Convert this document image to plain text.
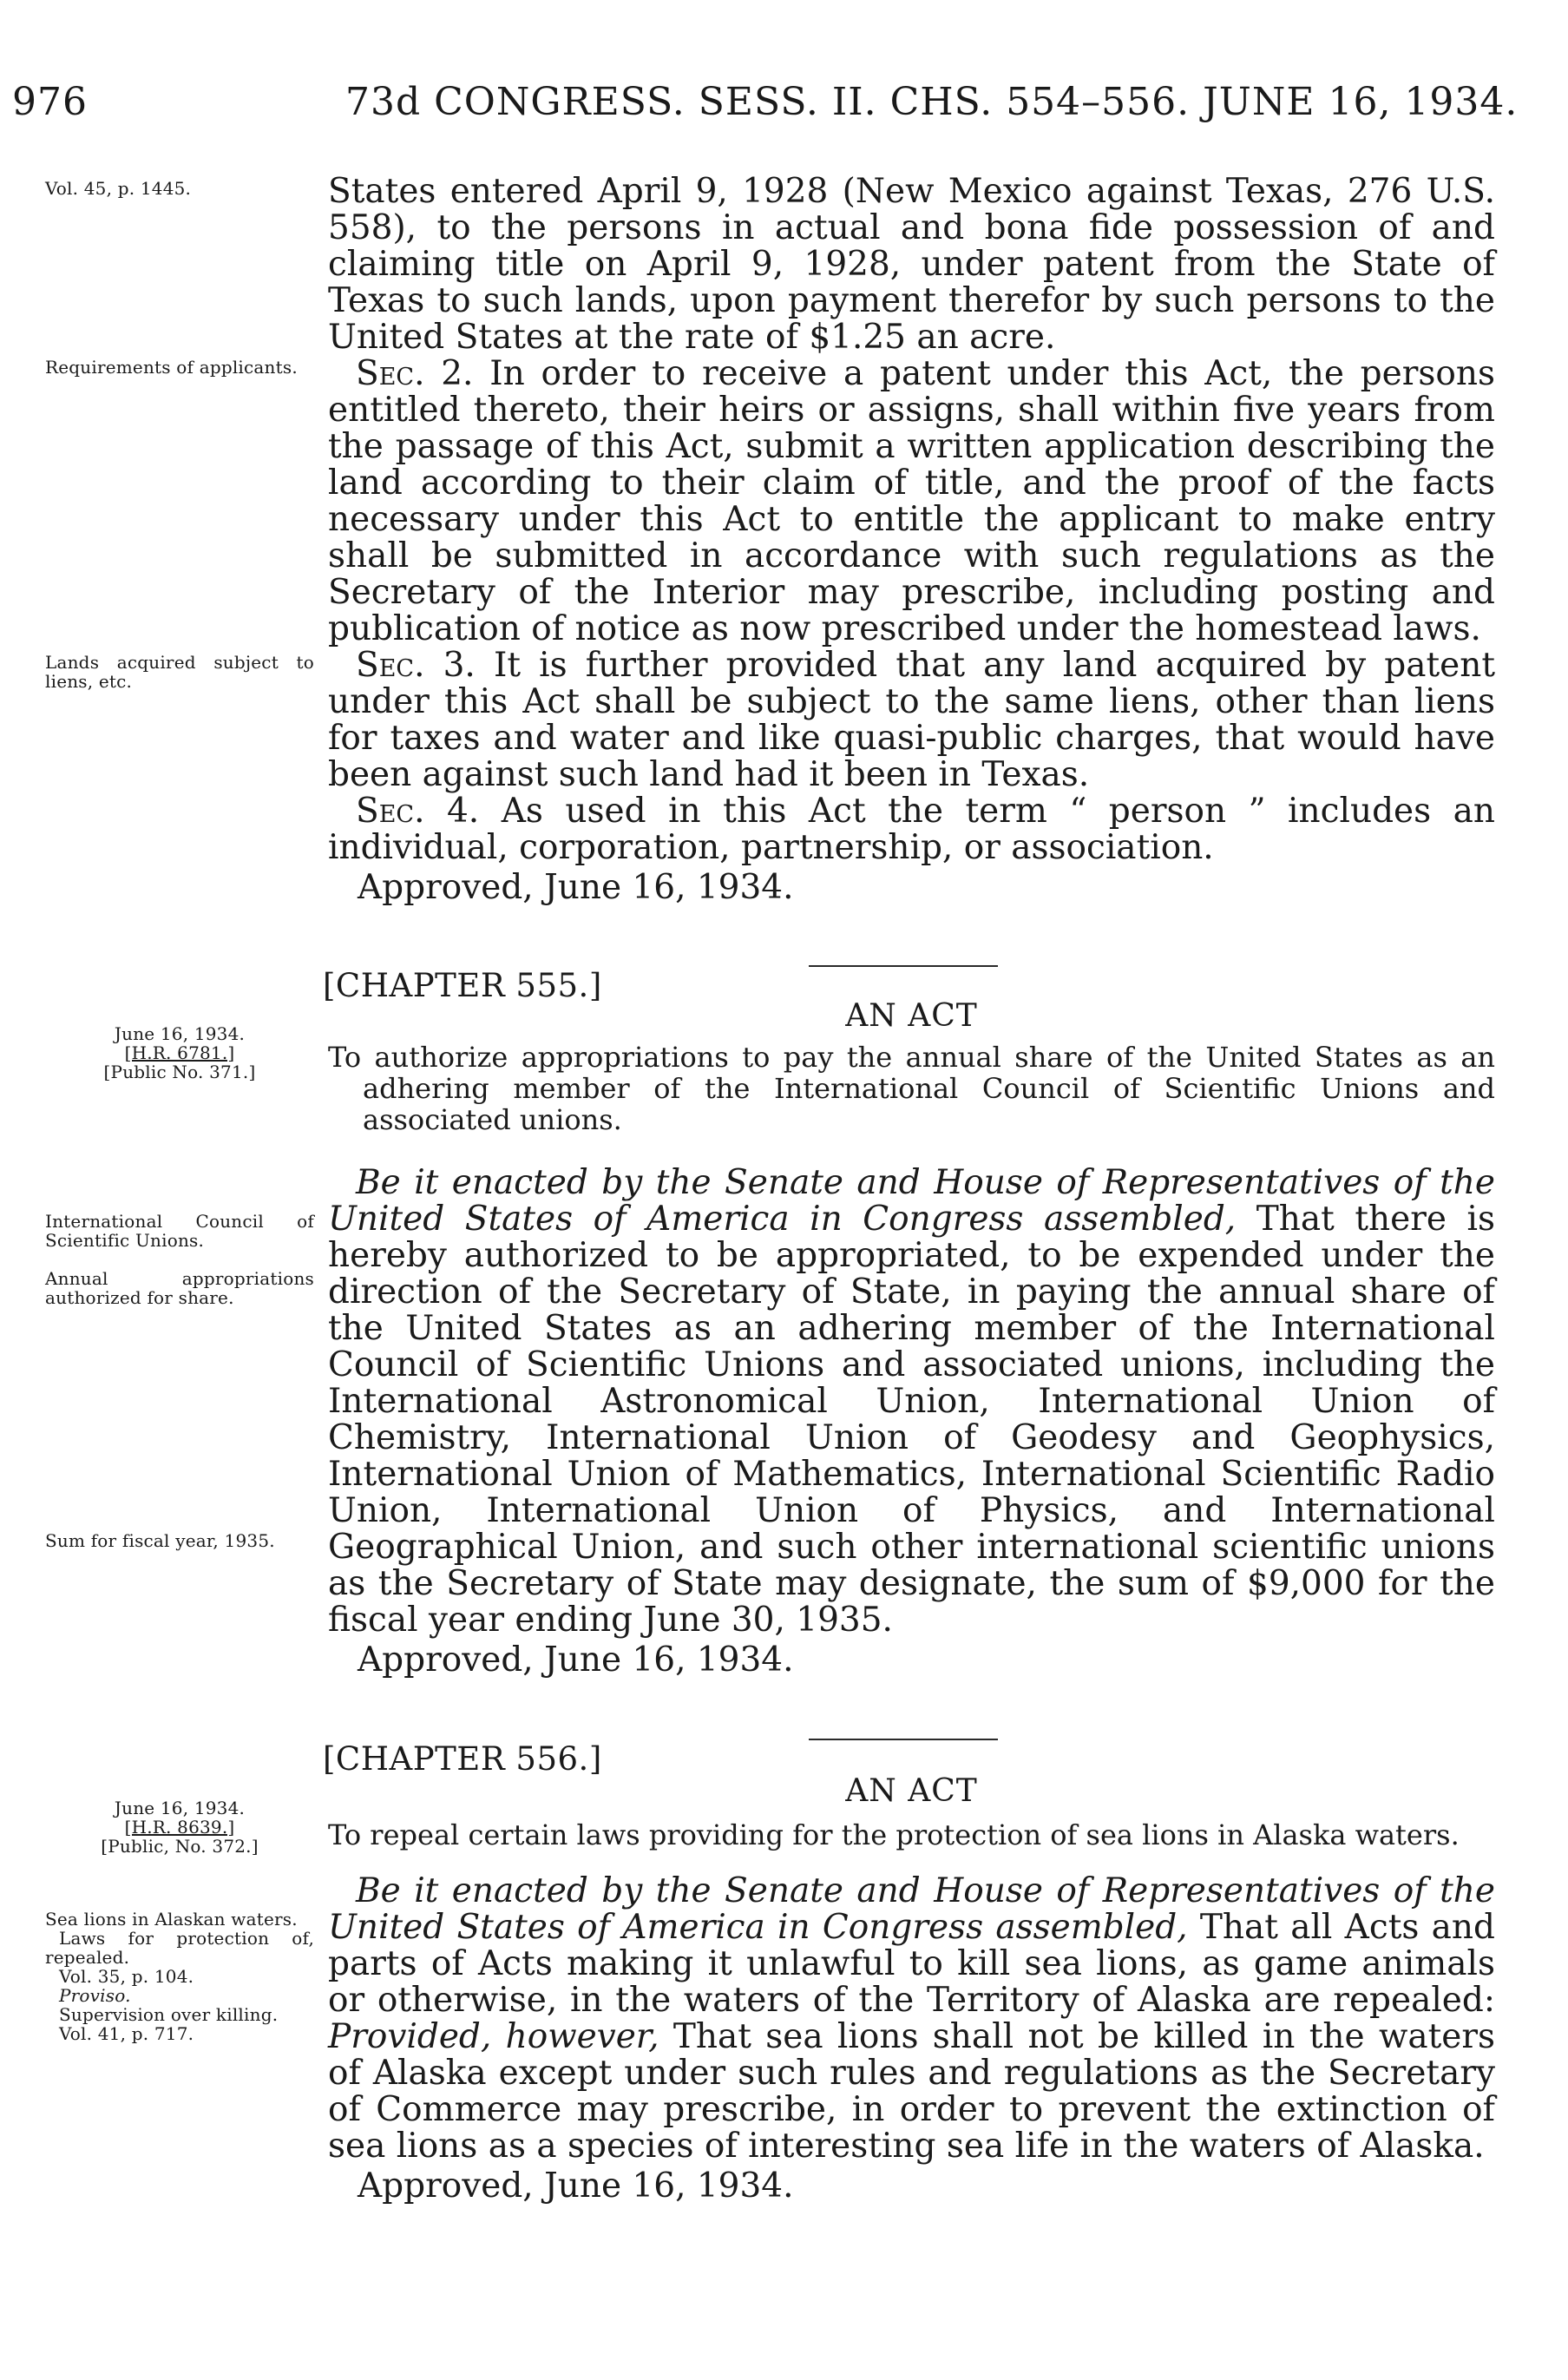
976	73d CONGRESS. SESS. II. CHS. 554–556. JUNE 16, 1934.

States entered April 9, 1928 (New Mexico against Texas, 276 U.S. 558), to the persons in actual and bona fide possession of and claiming title on April 9, 1928, under patent from the State of Texas to such lands, upon payment therefor by such persons to the United States at the rate of $1.25 an acre.

Sec. 2. In order to receive a patent under this Act, the persons entitled thereto, their heirs or assigns, shall within five years from the passage of this Act, submit a written application describing the land according to their claim of title, and the proof of the facts necessary under this Act to entitle the applicant to make entry shall be submitted in accordance with such regulations as the Secretary of the Interior may prescribe, including posting and publication of notice as now prescribed under the homestead laws.

Sec. 3. It is further provided that any land acquired by patent under this Act shall be subject to the same liens, other than liens for taxes and water and like quasi-public charges, that would have been against such land had it been in Texas.

Sec. 4. As used in this Act the term “ person ” includes an individual, corporation, partnership, or association.

Approved, June 16, 1934.

Vol. 45, p. 1445.
Requirements of applicants.
Lands acquired subject to liens, etc.
[CHAPTER 555.]
AN ACT
June 16, 1934.
[H.R. 6781.]
[Public No. 371.]	To authorize appropriations to pay the annual share of the United States as an adhering member of the International Council of Scientific Unions and associated unions.

Be it enacted by the Senate and House of Representatives of the United States of America in Congress assembled, That there is hereby authorized to be appropriated, to be expended under the direction of the Secretary of State, in paying the annual share of the United States as an adhering member of the International Council of Scientific Unions and associated unions, including the International Astronomical Union, International Union of Chemistry, International Union of Geodesy and Geophysics, International Union of Mathematics, International Scientific Radio Union, International Union of Physics, and International Geographical Union, and such other international scientific unions as the Secretary of State may designate, the sum of $9,000 for the fiscal year ending June 30, 1935.

Approved, June 16, 1934.

International Council of Scientific Unions.
Annual appropriations authorized for share.
Sum for fiscal year, 1935.
[CHAPTER 556.]
AN ACT
June 16, 1934.
[H.R. 8639.]
[Public, No. 372.]	To repeal certain laws providing for the protection of sea lions in Alaska waters.

Be it enacted by the Senate and House of Representatives of the United States of America in Congress assembled, That all Acts and parts of Acts making it unlawful to kill sea lions, as game animals or otherwise, in the waters of the Territory of Alaska are repealed: Provided, however, That sea lions shall not be killed in the waters of Alaska except under such rules and regulations as the Secretary of Commerce may prescribe, in order to prevent the extinction of sea lions as a species of interesting sea life in the waters of Alaska.

Approved, June 16, 1934.

Sea lions in Alaskan waters.
Laws for protection of, repealed.
Vol. 35, p. 104.
Proviso.
Supervision over killing.
Vol. 41, p. 717.
